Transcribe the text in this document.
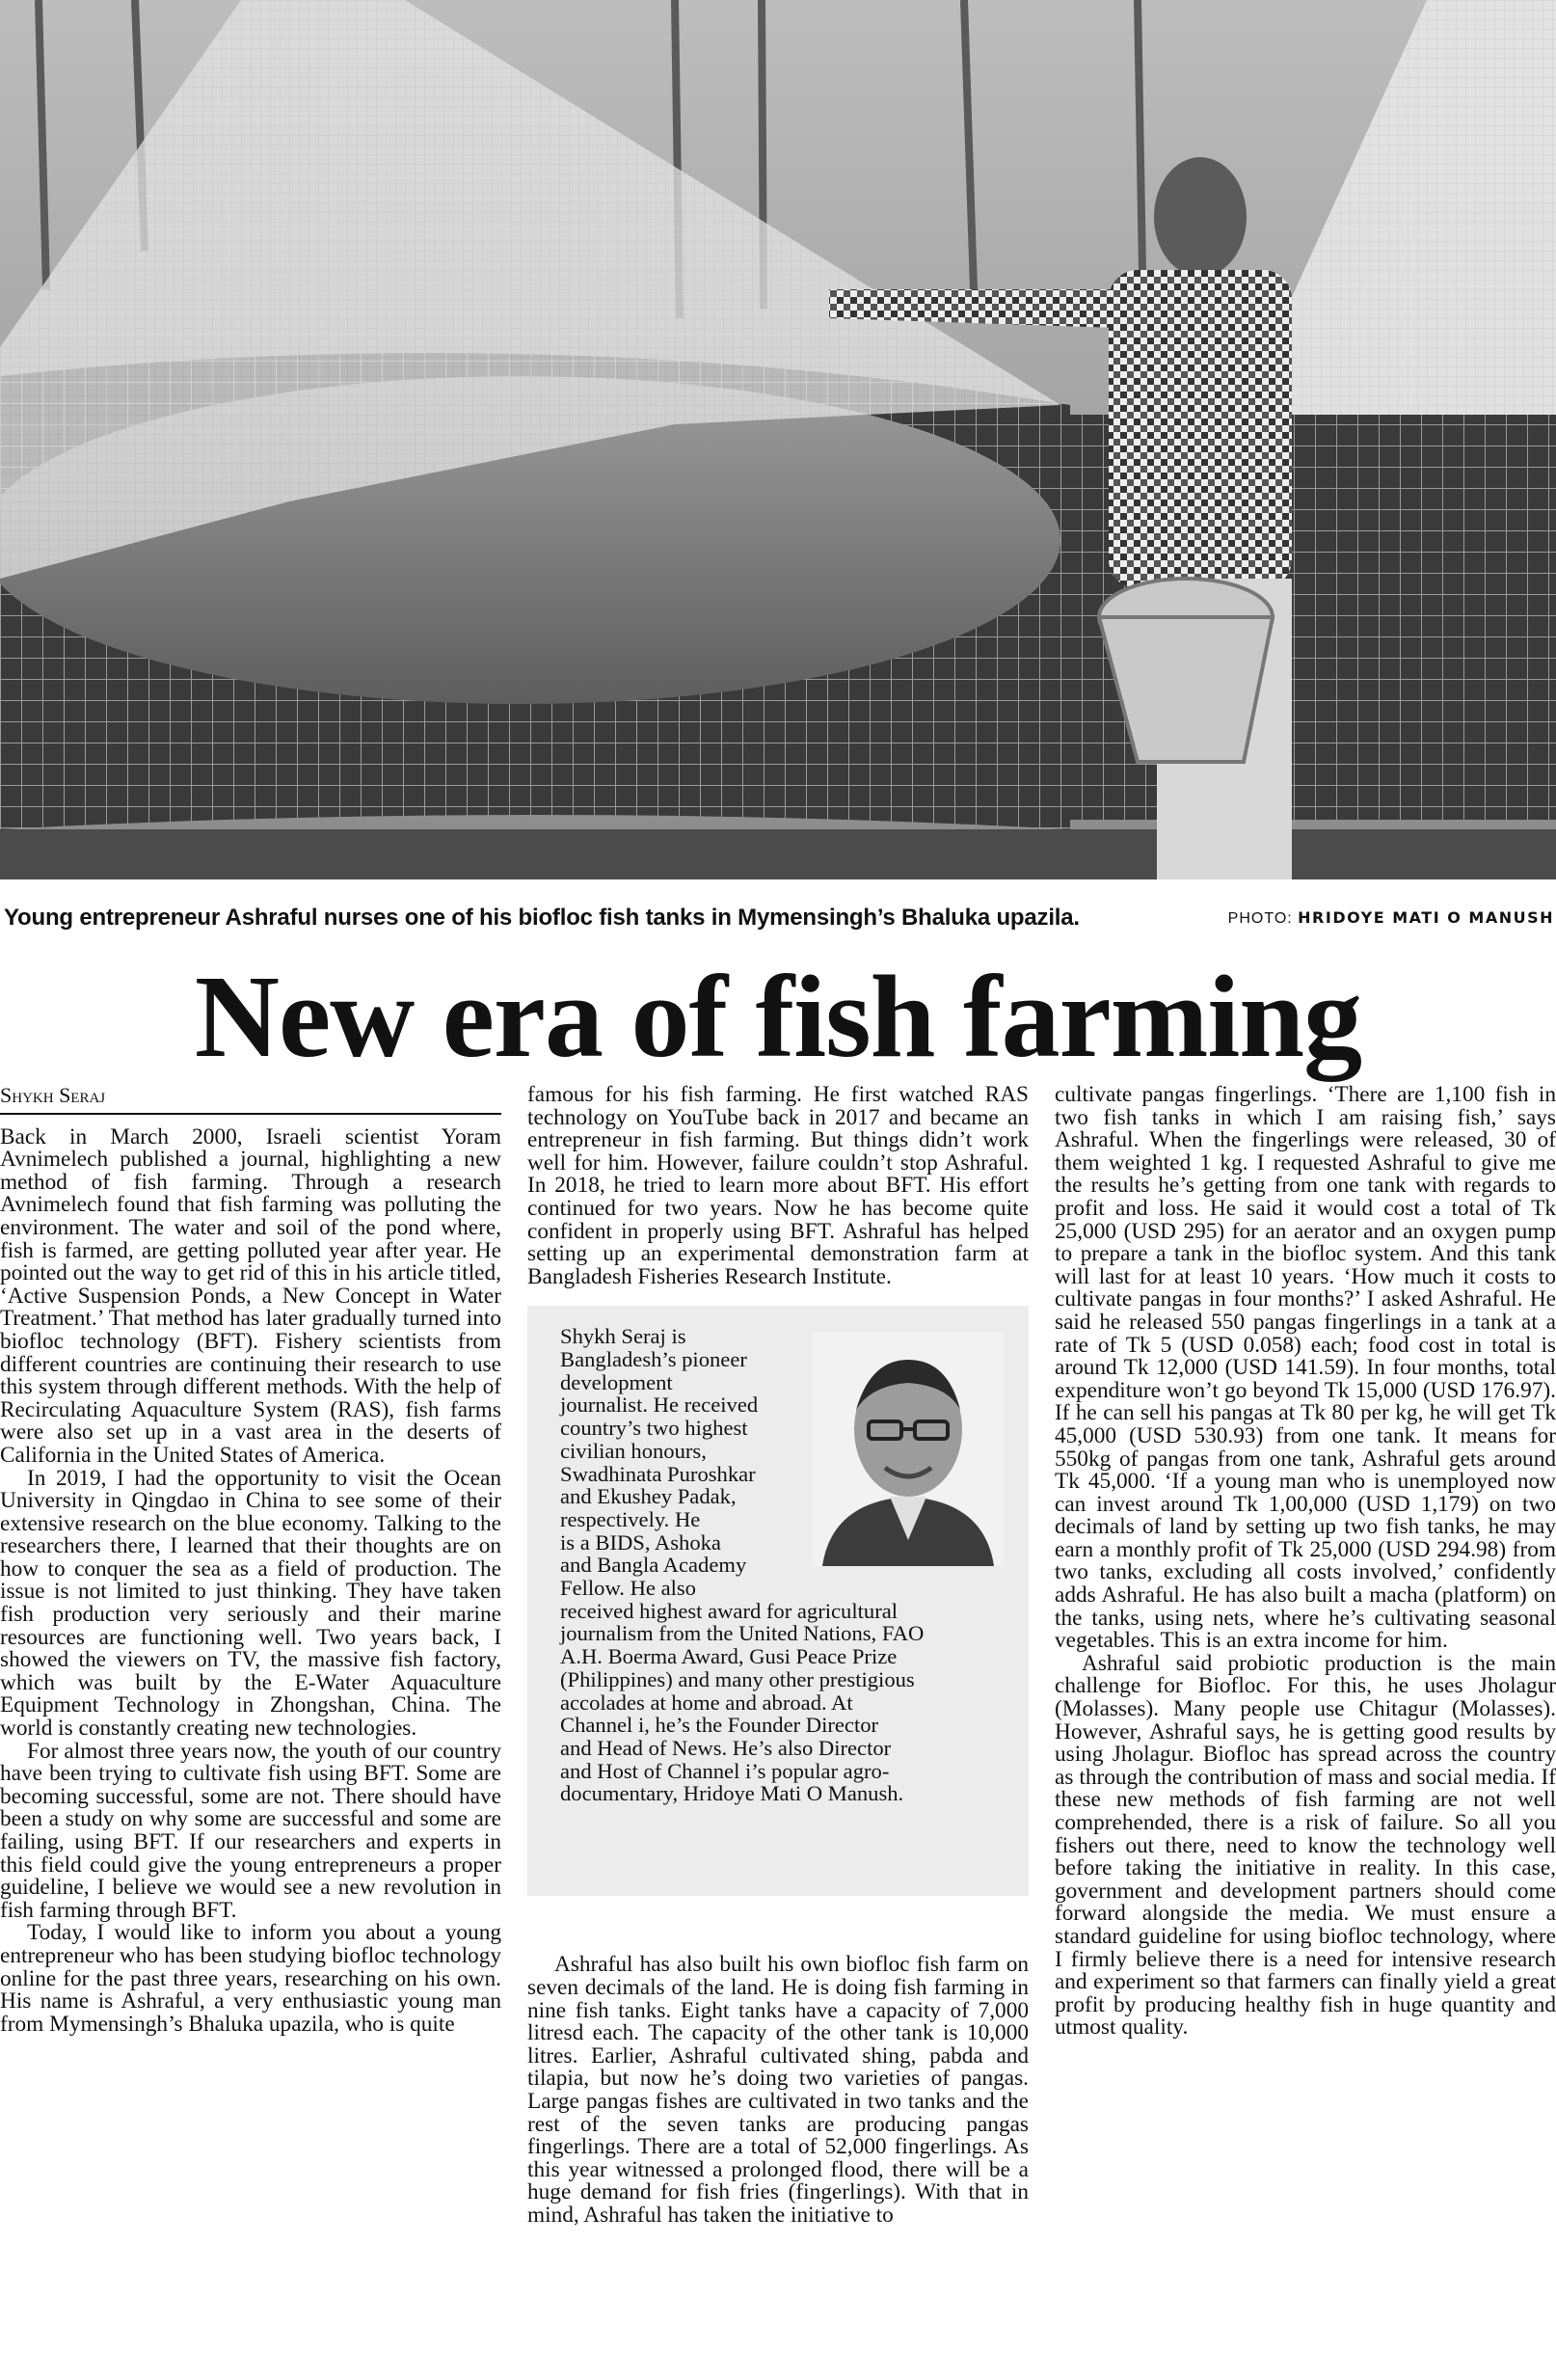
Young entrepreneur Ashraful nurses one of his biofloc fish tanks in Mymensingh’s Bhaluka upazila.	PHOTO: HRIDOYE MATI O MANUSH
New era of fish farming
Shykh Seraj

Back in March 2000, Israeli scientist Yoram Avnimelech published a journal, highlighting a new method of fish farming. Through a research Avnimelech found that fish farming was polluting the environment. The water and soil of the pond where, fish is farmed, are getting polluted year after year. He pointed out the way to get rid of this in his article titled, ‘Active Suspension Ponds, a New Concept in Water Treatment.’ That method has later gradually turned into biofloc technology (BFT). Fishery scientists from different countries are continuing their research to use this system through different methods. With the help of Recirculating Aquaculture System (RAS), fish farms were also set up in a vast area in the deserts of California in the United States of America.

In 2019, I had the opportunity to visit the Ocean University in Qingdao in China to see some of their extensive research on the blue economy. Talking to the researchers there, I learned that their thoughts are on how to conquer the sea as a field of production. The issue is not limited to just thinking. They have taken fish production very seriously and their marine resources are functioning well. Two years back, I showed the viewers on TV, the massive fish factory, which was built by the E-Water Aquaculture Equipment Technology in Zhongshan, China. The world is constantly creating new technologies.

For almost three years now, the youth of our country have been trying to cultivate fish using BFT. Some are becoming successful, some are not. There should have been a study on why some are successful and some are failing, using BFT. If our researchers and experts in this field could give the young entrepreneurs a proper guideline, I believe we would see a new revolution in fish farming through BFT.

Today, I would like to inform you about a young entrepreneur who has been studying biofloc technology online for the past three years, researching on his own. His name is Ashraful, a very enthusiastic young man from Mymensingh’s Bhaluka upazila, who is quite

famous for his fish farming. He first watched RAS technology on YouTube back in 2017 and became an entrepreneur in fish farming. But things didn’t work well for him. However, failure couldn’t stop Ashraful. In 2018, he tried to learn more about BFT. His effort continued for two years. Now he has become quite confident in properly using BFT. Ashraful has helped setting up an experimental demonstration farm at Bangladesh Fisheries Research Institute.

Shykh Seraj is
Bangladesh’s pioneer
development
journalist. He received
country’s two highest
civilian honours,
Swadhinata Puroshkar
and Ekushey Padak,
respectively. He
is a BIDS, Ashoka
and Bangla Academy Fellow. He also
received highest award for agricultural
journalism from the United Nations, FAO
A.H. Boerma Award, Gusi Peace Prize
(Philippines) and many other prestigious
accolades at home and abroad. At
Channel i, he’s the Founder Director
and Head of News. He’s also Director
and Host of Channel i’s popular agro-
documentary, Hridoye Mati O Manush.

Ashraful has also built his own biofloc fish farm on seven decimals of the land. He is doing fish farming in nine fish tanks. Eight tanks have a capacity of 7,000 litresd each. The capacity of the other tank is 10,000 litres. Earlier, Ashraful cultivated shing, pabda and tilapia, but now he’s doing two varieties of pangas. Large pangas fishes are cultivated in two tanks and the rest of the seven tanks are producing pangas fingerlings. There are a total of 52,000 fingerlings. As this year witnessed a prolonged flood, there will be a huge demand for fish fries (fingerlings). With that in mind, Ashraful has taken the initiative to

cultivate pangas fingerlings. ‘There are 1,100 fish in two fish tanks in which I am raising fish,’ says Ashraful. When the fingerlings were released, 30 of them weighted 1 kg. I requested Ashraful to give me the results he’s getting from one tank with regards to profit and loss. He said it would cost a total of Tk 25,000 (USD 295) for an aerator and an oxygen pump to prepare a tank in the biofloc system. And this tank will last for at least 10 years. ‘How much it costs to cultivate pangas in four months?’ I asked Ashraful. He said he released 550 pangas fingerlings in a tank at a rate of Tk 5 (USD 0.058) each; food cost in total is around Tk 12,000 (USD 141.59). In four months, total expenditure won’t go beyond Tk 15,000 (USD 176.97). If he can sell his pangas at Tk 80 per kg, he will get Tk 45,000 (USD 530.93) from one tank. It means for 550kg of pangas from one tank, Ashraful gets around Tk 45,000. ‘If a young man who is unemployed now can invest around Tk 1,00,000 (USD 1,179) on two decimals of land by setting up two fish tanks, he may earn a monthly profit of Tk 25,000 (USD 294.98) from two tanks, excluding all costs involved,’ confidently adds Ashraful. He has also built a macha (platform) on the tanks, using nets, where he’s cultivating seasonal vegetables. This is an extra income for him.

Ashraful said probiotic production is the main challenge for Biofloc. For this, he uses Jholagur (Molasses). Many people use Chitagur (Molasses). However, Ashraful says, he is getting good results by using Jholagur. Biofloc has spread across the country as through the contribution of mass and social media. If these new methods of fish farming are not well comprehended, there is a risk of failure. So all you fishers out there, need to know the technology well before taking the initiative in reality. In this case, government and development partners should come forward alongside the media. We must ensure a standard guideline for using biofloc technology, where I firmly believe there is a need for intensive research and experiment so that farmers can finally yield a great profit by producing healthy fish in huge quantity and utmost quality.
